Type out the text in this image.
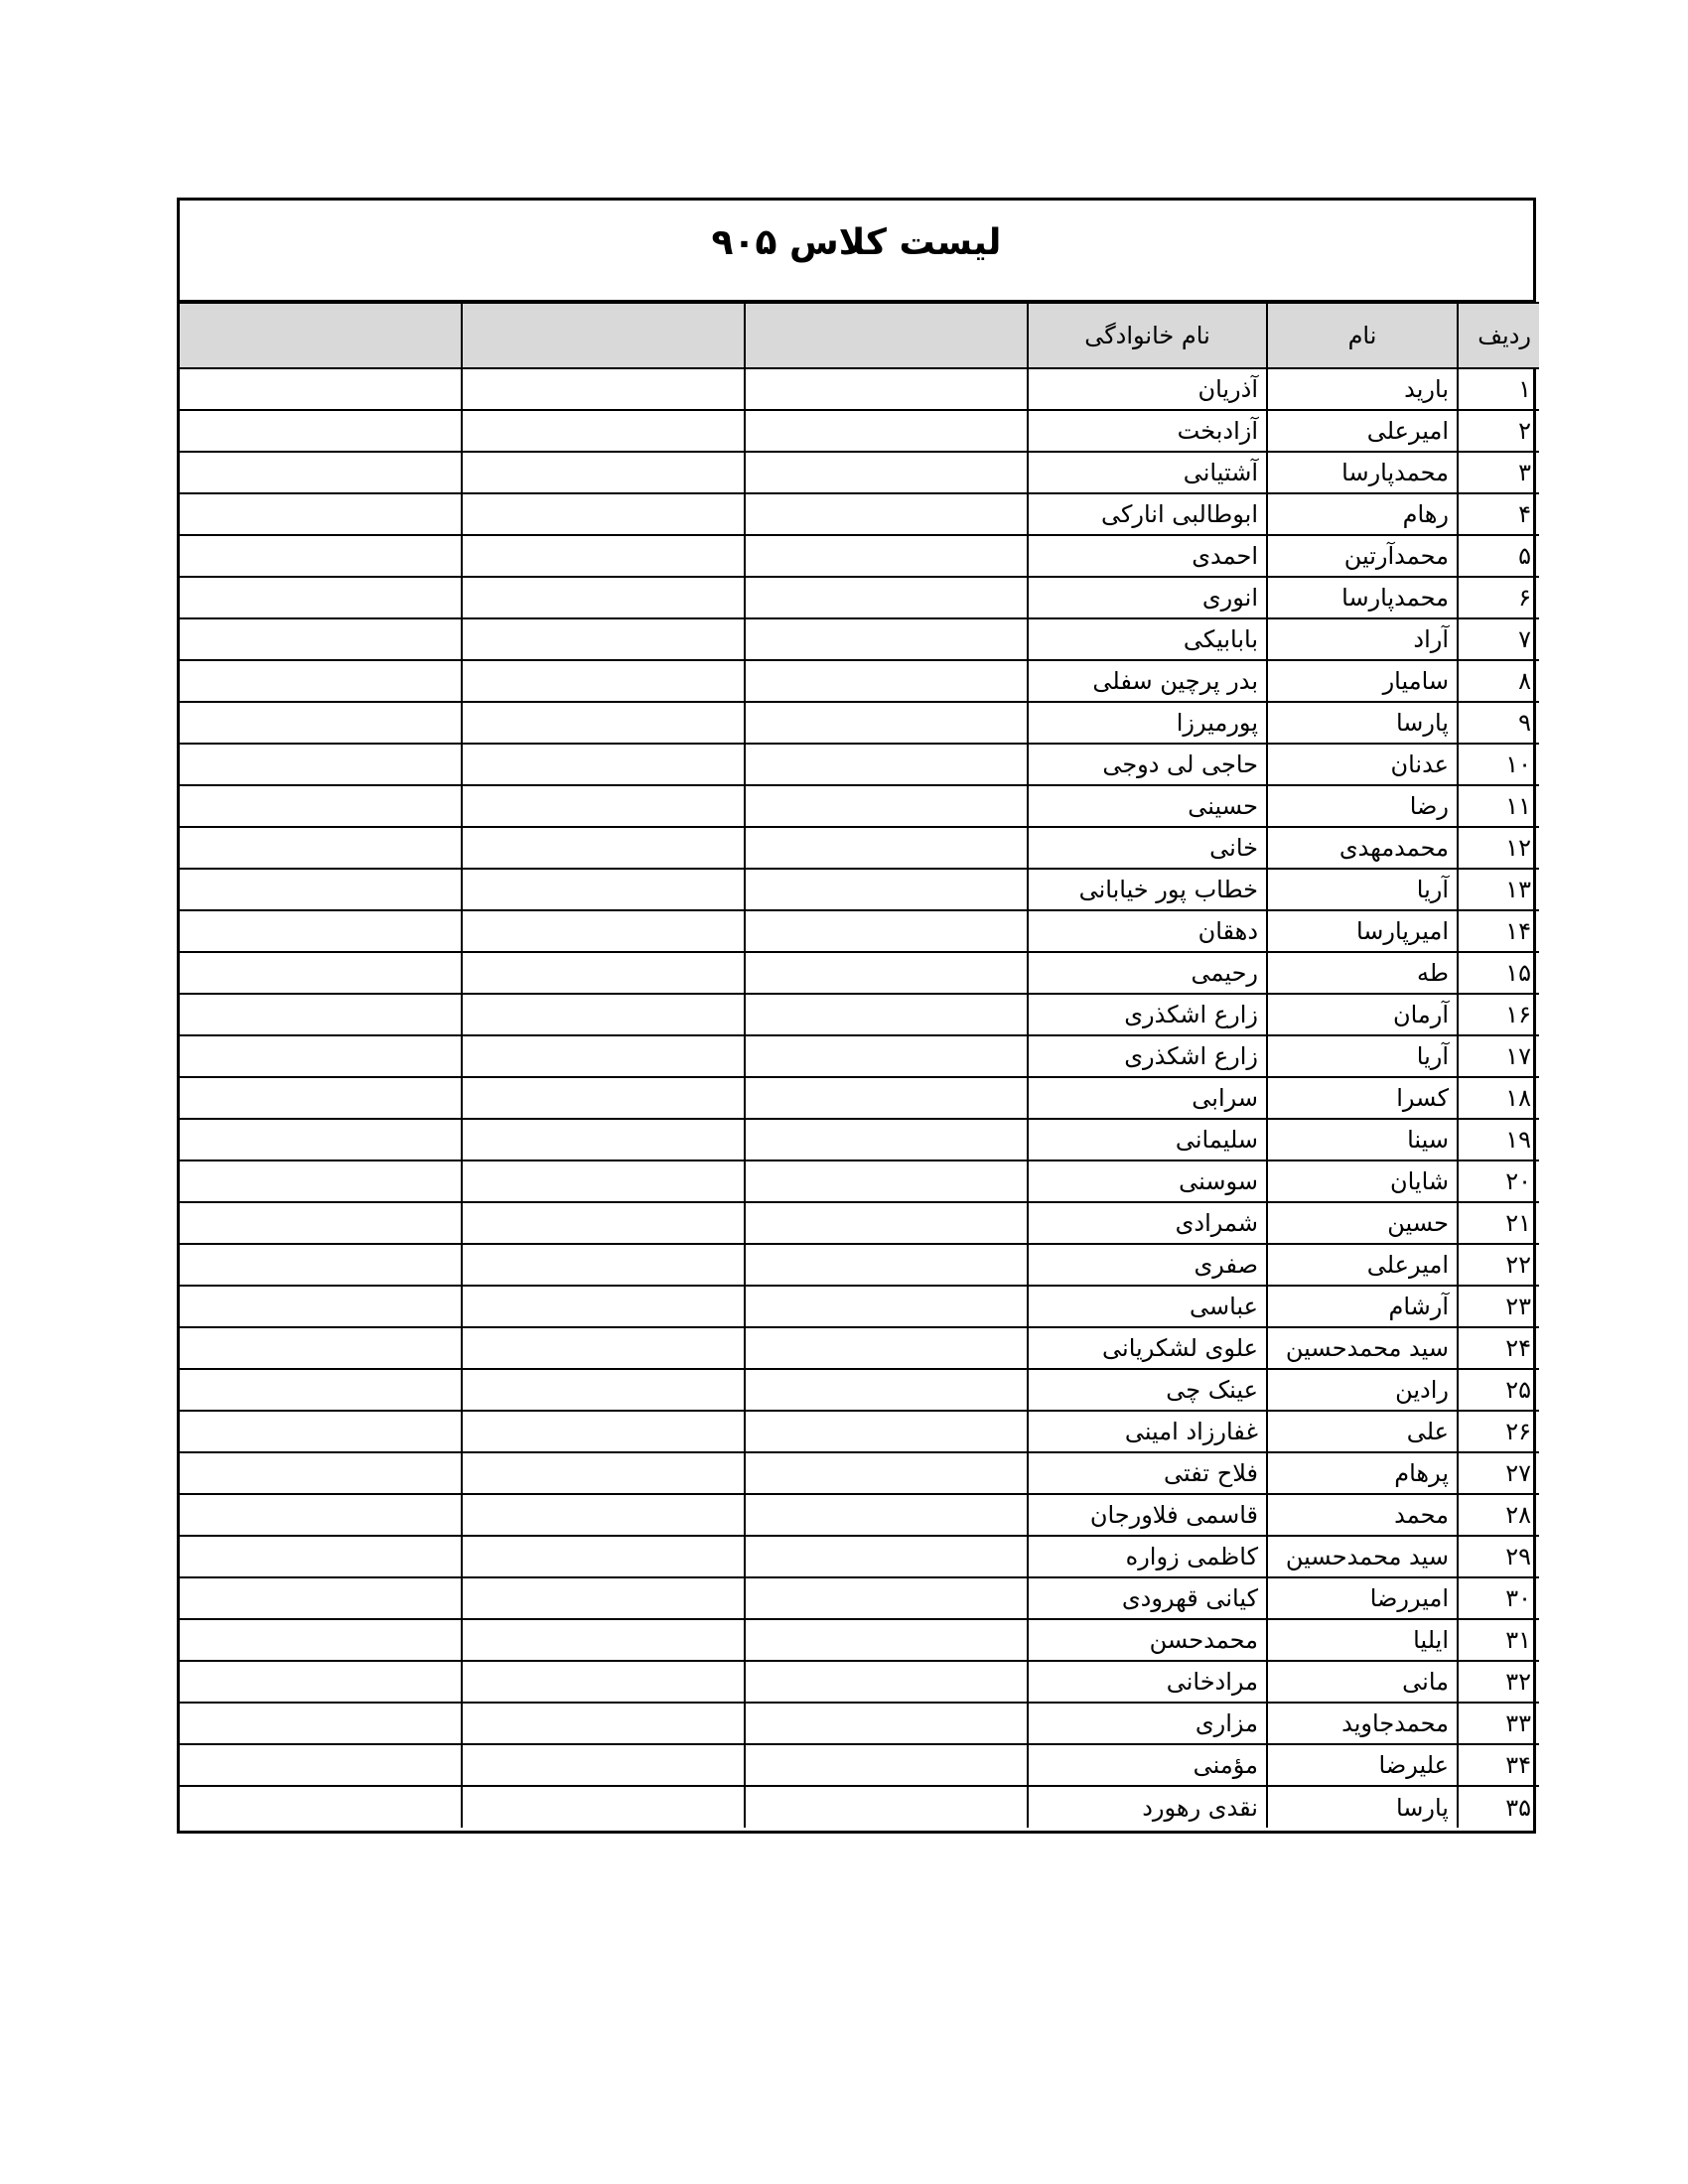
لیست کلاس ۹۰۵
ردیف	نام	نام خانوادگی			
۱	بارید	آذریان			
۲	امیرعلی	آزادبخت			
۳	محمدپارسا	آشتیانی			
۴	رهام	ابوطالبی انارکی			
۵	محمدآرتین	احمدی			
۶	محمدپارسا	انوری			
۷	آراد	بابابیکی			
۸	سامیار	بدر پرچین سفلی			
۹	پارسا	پورمیرزا			
۱۰	عدنان	حاجی لی دوجی			
۱۱	رضا	حسینی			
۱۲	محمدمهدی	خانی			
۱۳	آریا	خطاب پور خیابانی			
۱۴	امیرپارسا	دهقان			
۱۵	طه	رحیمی			
۱۶	آرمان	زارع اشکذری			
۱۷	آریا	زارع اشکذری			
۱۸	کسرا	سرابی			
۱۹	سینا	سلیمانی			
۲۰	شایان	سوسنی			
۲۱	حسین	شمرادی			
۲۲	امیرعلی	صفری			
۲۳	آرشام	عباسی			
۲۴	سید محمدحسین	علوی لشکریانی			
۲۵	رادین	عینک چی			
۲۶	علی	غفارزاد امینی			
۲۷	پرهام	فلاح تفتی			
۲۸	محمد	قاسمی فلاورجان			
۲۹	سید محمدحسین	کاظمی زواره			
۳۰	امیررضا	کیانی قهرودی			
۳۱	ایلیا	محمدحسن			
۳۲	مانی	مرادخانی			
۳۳	محمدجاوید	مزاری			
۳۴	علیرضا	مؤمنی			
۳۵	پارسا	نقدی رهورد			
